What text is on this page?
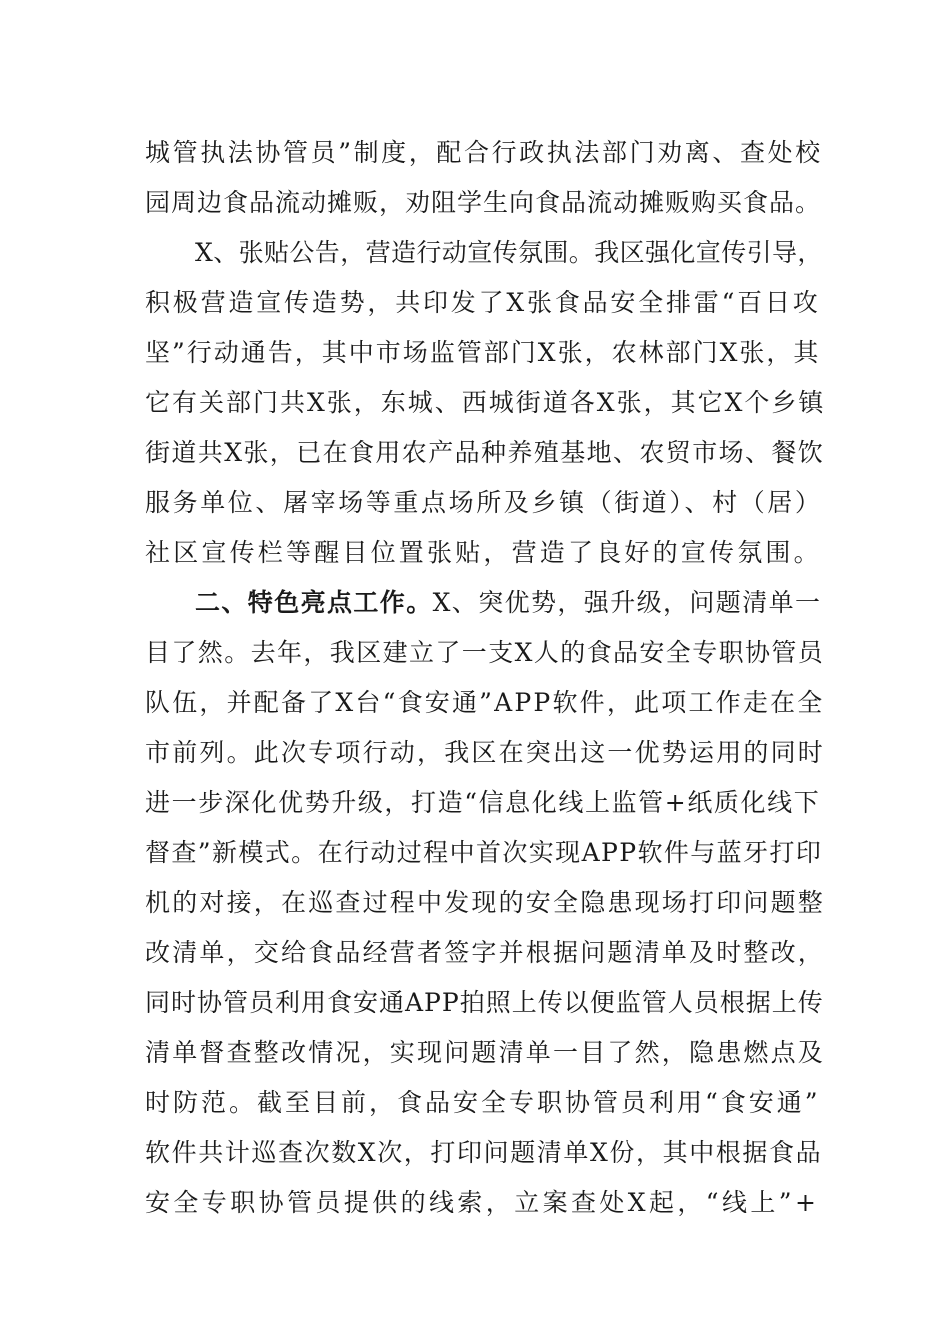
城管执法协管员”制度，配合行政执法部门劝离、查处校
园周边食品流动摊贩，劝阻学生向食品流动摊贩购买食品。
X、张贴公告，营造行动宣传氛围。我区强化宣传引导，
积极营造宣传造势，共印发了X张食品安全排雷“百日攻
坚”行动通告，其中市场监管部门X张，农林部门X张，其
它有关部门共X张，东城、西城街道各X张，其它X个乡镇
街道共X张，已在食用农产品种养殖基地、农贸市场、餐饮
服务单位、屠宰场等重点场所及乡镇（街道）、村（居）
社区宣传栏等醒目位置张贴，营造了良好的宣传氛围。
二、特色亮点工作。X、突优势，强升级，问题清单一
目了然。去年，我区建立了一支X人的食品安全专职协管员
队伍，并配备了X台“食安通”APP软件，此项工作走在全
市前列。此次专项行动，我区在突出这一优势运用的同时
进一步深化优势升级，打造“信息化线上监管+纸质化线下
督查”新模式。在行动过程中首次实现APP软件与蓝牙打印
机的对接，在巡查过程中发现的安全隐患现场打印问题整
改清单，交给食品经营者签字并根据问题清单及时整改，
同时协管员利用食安通APP拍照上传以便监管人员根据上传
清单督查整改情况，实现问题清单一目了然，隐患燃点及
时防范。截至目前，食品安全专职协管员利用“食安通”
软件共计巡查次数X次，打印问题清单X份，其中根据食品
安全专职协管员提供的线索，立案查处X起，“线上”+
